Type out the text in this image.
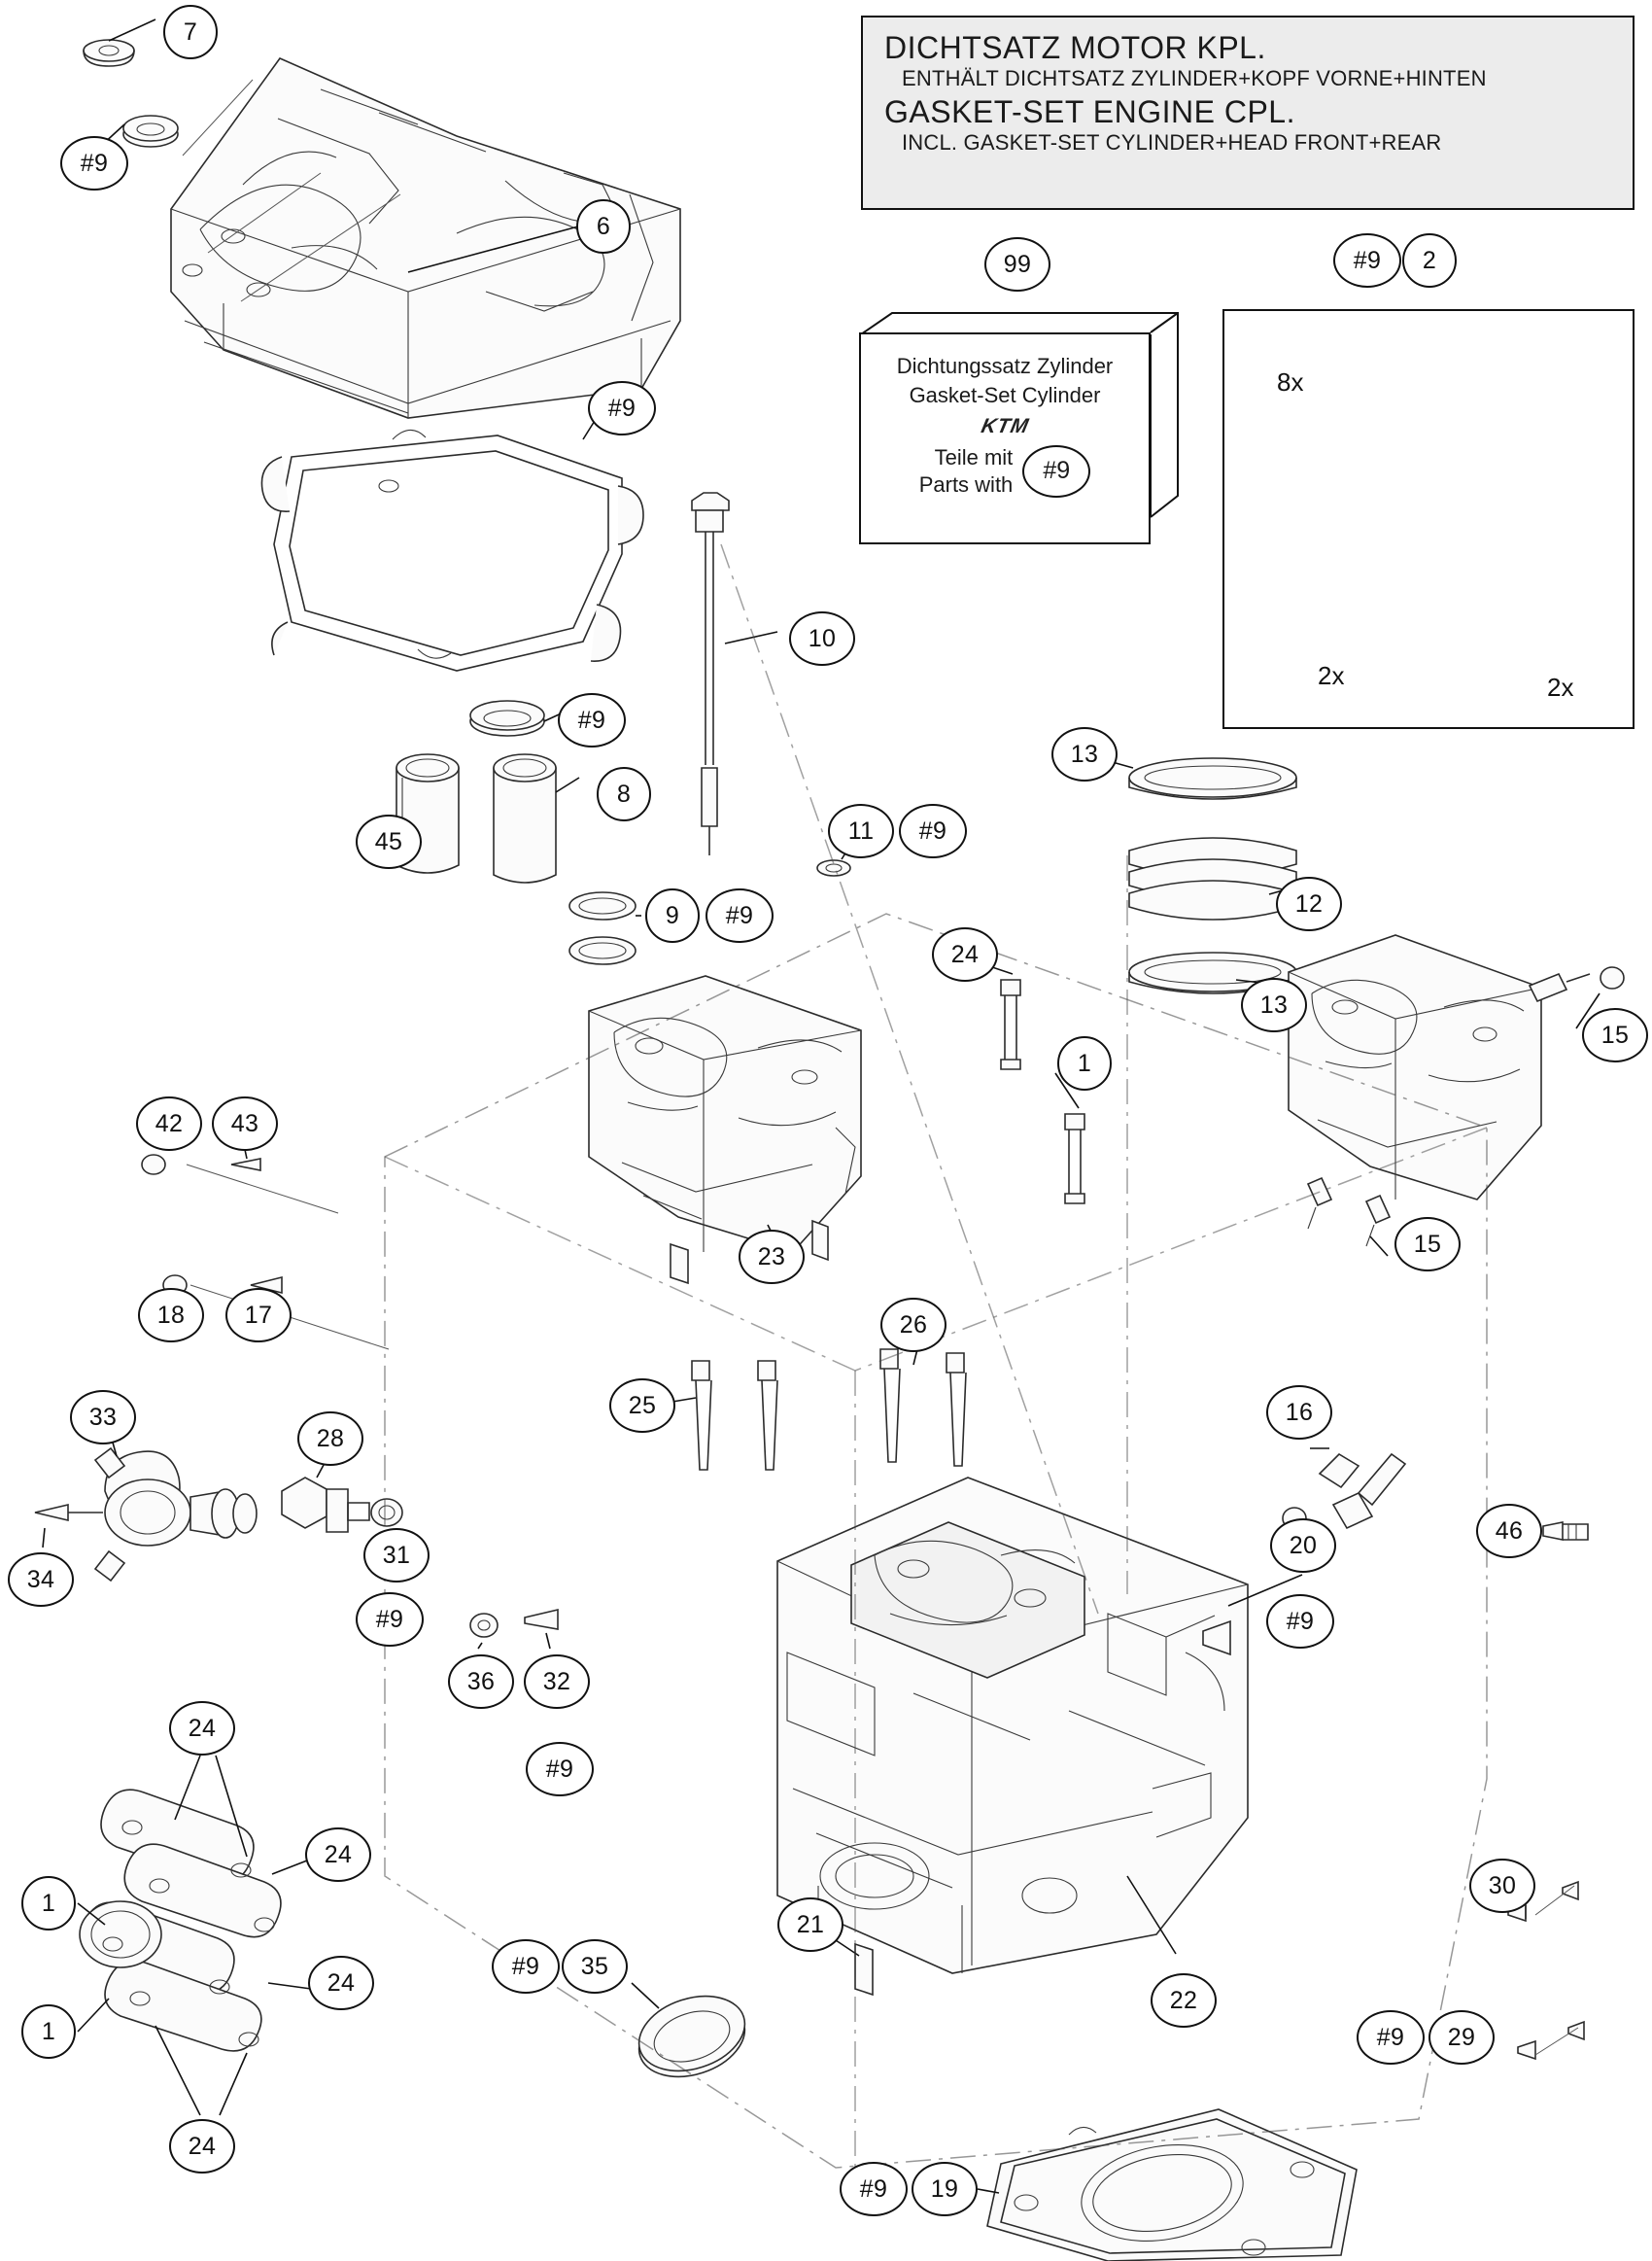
DICHTSATZ MOTOR KPL.
ENTHÄLT DICHTSATZ ZYLINDER+KOPF VORNE+HINTEN
GASKET-SET ENGINE CPL.
INCL. GASKET-SET CYLINDER+HEAD FRONT+REAR
Dichtungssatz Zylinder
Gasket-Set Cylinder
KTM
Teile mit
Parts with	#9
8x
2x	2x
7
#9
6
#9
99	#9	2
10
#9
8
45
9	#9
11	#9
24
13
12
13
15
15
1
23
42	43
18	17
33
28
31
#9
34
36	32
#9
25
26
16
20
#9
46
24
24
1
24
1
24
#9	35
21
22
30
#9	29
#9	19
